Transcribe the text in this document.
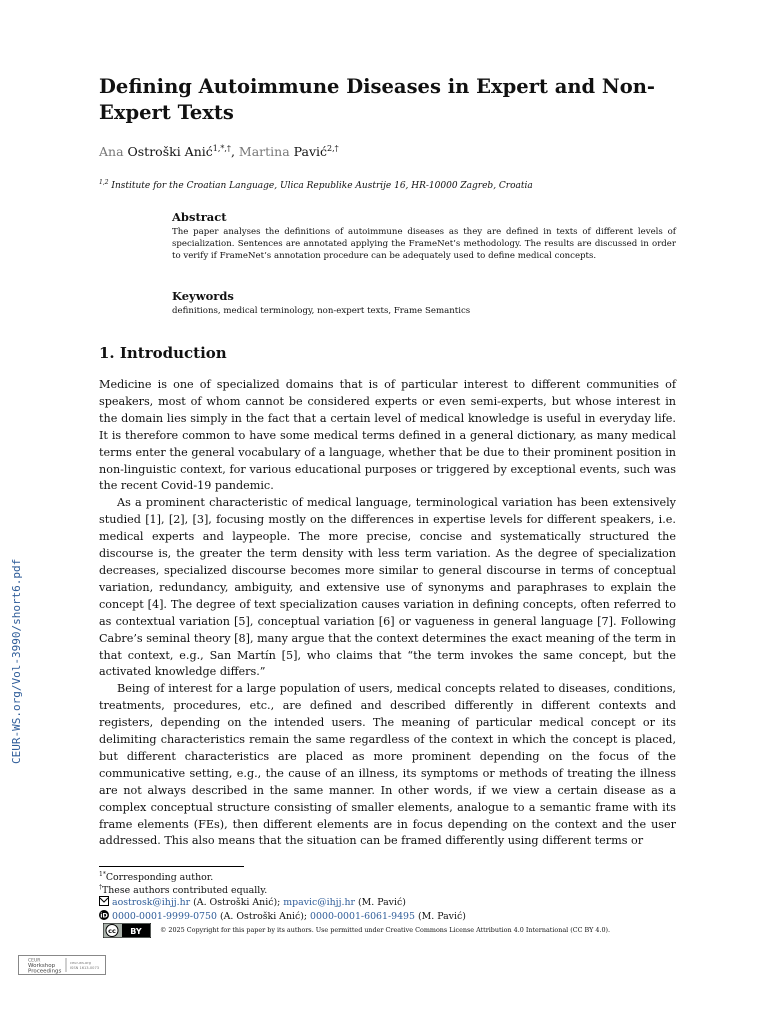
Defining Autoimmune Diseases in Expert and Non-Expert Texts
Ana Ostroški Anić$^{1,*,\dagger}$, Martina Pavić$^{2,\dagger}$
$^{1,2}$ Institute for the Croatian Language, Ulica Republike Austrije 16, HR-10000 Zagreb, Croatia
CEUR-WS.org/Vol-3990/short6.pdf
Abstract

The paper analyses the definitions of autoimmune diseases as they are defined in texts of different levels of specialization. Sentences are annotated applying the FrameNet’s methodology. The results are discussed in order to verify if FrameNet’s annotation procedure can be adequately used to define medical concepts.

Keywords

definitions, medical terminology, non-expert texts, Frame Semantics

1. Introduction

Medicine is one of specialized domains that is of particular interest to different communities of speakers, most of whom cannot be considered experts or even semi-experts, but whose interest in the domain lies simply in the fact that a certain level of medical knowledge is useful in everyday life. It is therefore common to have some medical terms defined in a general dictionary, as many medical terms enter the general vocabulary of a language, whether that be due to their prominent position in non-linguistic context, for various educational purposes or triggered by exceptional events, such was the recent Covid-19 pandemic.

As a prominent characteristic of medical language, terminological variation has been extensively studied [1], [2], [3], focusing mostly on the differences in expertise levels for different speakers, i.e. medical experts and laypeople. The more precise, concise and systematically structured the discourse is, the greater the term density with less term variation. As the degree of specialization decreases, specialized discourse becomes more similar to general discourse in terms of conceptual variation, redundancy, ambiguity, and extensive use of synonyms and paraphrases to explain the concept [4]. The degree of text specialization causes variation in defining concepts, often referred to as contextual variation [5], conceptual variation [6] or vagueness in general language [7]. Following Cabre’s seminal theory [8], many argue that the context determines the exact meaning of the term in that context, e.g., San Martín [5], who claims that “the term invokes the same concept, but the activated knowledge differs.”

Being of interest for a large population of users, medical concepts related to diseases, conditions, treatments, procedures, etc., are defined and described differently in different contexts and registers, depending on the intended users. The meaning of particular medical concept or its delimiting characteristics remain the same regardless of the context in which the concept is placed, but different characteristics are placed as more prominent depending on the focus of the communicative setting, e.g., the cause of an illness, its symptoms or methods of treating the illness are not always described in the same manner. In other words, if we view a certain disease as a complex conceptual structure consisting of smaller elements, analogue to a semantic frame with its frame elements (FEs), then different elements are in focus depending on the context and the user addressed. This also means that the situation can be framed differently using different terms or

$^{1*}$Corresponding author.
†These authors contributed equally.
aostrosk@ihjj.hr (A. Ostroški Anić); mpavic@ihjj.hr (M. Pavić)
iD 0000-0001-9999-0750 (A. Ostroški Anić); 0000-0001-6061-9495 (M. Pavić)
cc BY	© 2025 Copyright for this paper by its authors. Use permitted under Creative Commons License Attribution 4.0 International (CC BY 4.0).
CEUR
Workshop
Proceedings
ceur-ws.org
ISSN 1613-0073
